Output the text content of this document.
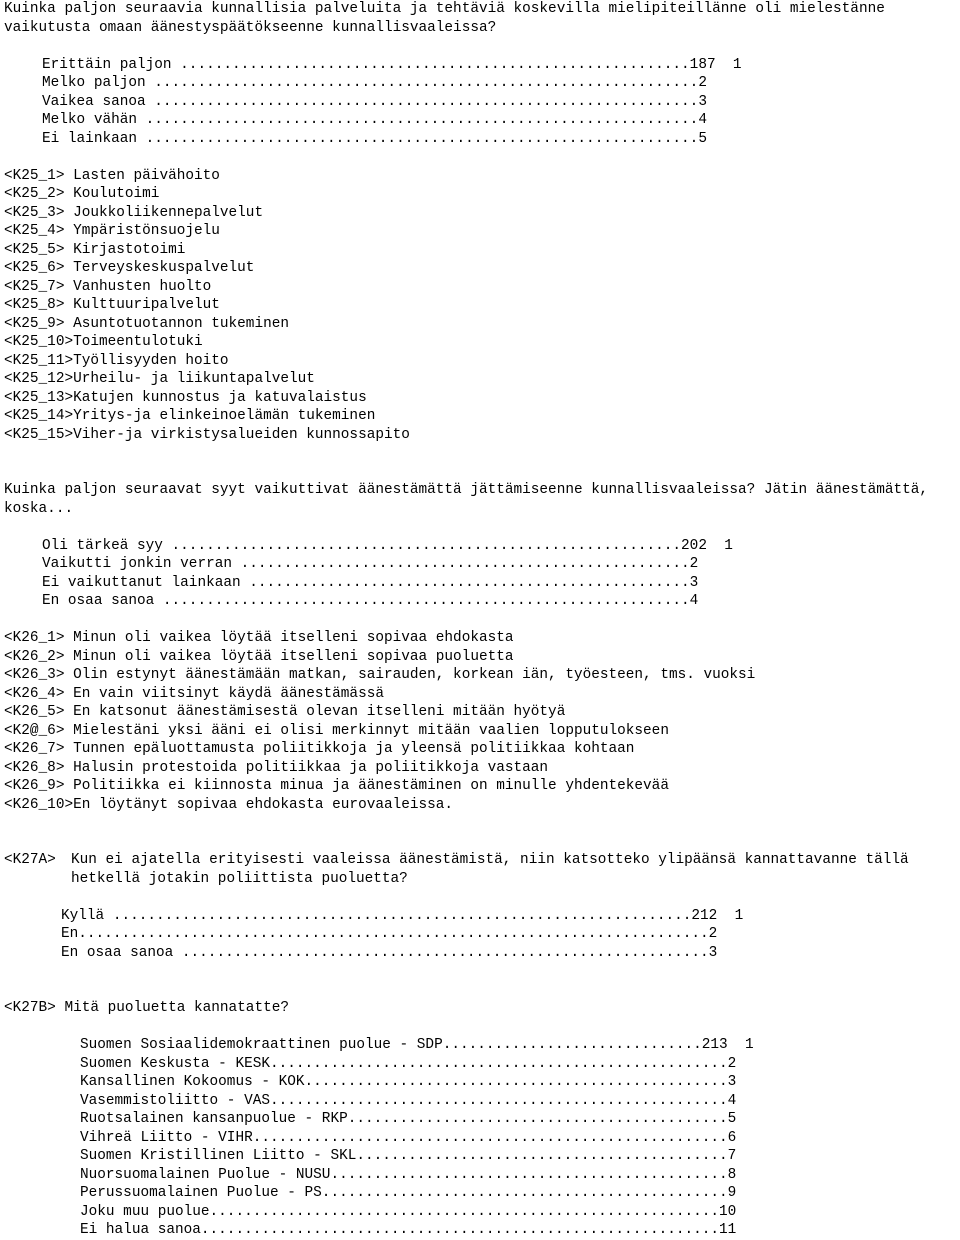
Kuinka paljon seuraavia kunnallisia palveluita ja tehtäviä koskevilla mielipiteillänne oli mielestänne vaikutusta omaan äänestyspäätökseenne kunnallisvaaleissa?
Erittäin paljon ...........................................................187  1
Melko paljon ...............................................................2
Vaikea sanoa ...............................................................3
Melko vähän ................................................................4
Ei lainkaan ................................................................5
<K25_1> Lasten päivähoito
<K25_2> Koulutoimi
<K25_3> Joukkoliikennepalvelut
<K25_4> Ympäristönsuojelu
<K25_5> Kirjastotoimi
<K25_6> Terveyskeskuspalvelut
<K25_7> Vanhusten huolto
<K25_8> Kulttuuripalvelut
<K25_9> Asuntotuotannon tukeminen
<K25_10>Toimeentulotuki
<K25_11>Työllisyyden hoito
<K25_12>Urheilu- ja liikuntapalvelut
<K25_13>Katujen kunnostus ja katuvalaistus
<K25_14>Yritys-ja elinkeinoelämän tukeminen
<K25_15>Viher-ja virkistysalueiden kunnossapito
Kuinka paljon seuraavat syyt vaikuttivat äänestämättä jättämiseenne kunnallisvaaleissa? Jätin äänestämättä, koska...
Oli tärkeä syy ...........................................................202  1
Vaikutti jonkin verran ....................................................2
Ei vaikuttanut lainkaan ...................................................3
En osaa sanoa .............................................................4
<K26_1> Minun oli vaikea löytää itselleni sopivaa ehdokasta
<K26_2> Minun oli vaikea löytää itselleni sopivaa puoluetta
<K26_3> Olin estynyt äänestämään matkan, sairauden, korkean iän, työesteen, tms. vuoksi
<K26_4> En vain viitsinyt käydä äänestämässä
<K26_5> En katsonut äänestämisestä olevan itselleni mitään hyötyä
<K2@_6> Mielestäni yksi ääni ei olisi merkinnyt mitään vaalien lopputulokseen
<K26_7> Tunnen epäluottamusta poliitikkoja ja yleensä politiikkaa kohtaan
<K26_8> Halusin protestoida politiikkaa ja poliitikkoja vastaan
<K26_9> Politiikka ei kiinnosta minua ja äänestäminen on minulle yhdentekevää
<K26_10>En löytänyt sopivaa ehdokasta eurovaaleissa.
<K27A>	Kun ei ajatella erityisesti vaaleissa äänestämistä, niin katsotteko ylipäänsä kannattavanne tällä hetkellä jotakin poliittista puoluetta?
Kyllä ...................................................................212  1
En.........................................................................2
En osaa sanoa .............................................................3
<K27B> Mitä puoluetta kannatatte?
Suomen Sosiaalidemokraattinen puolue - SDP..............................213  1
Suomen Keskusta - KESK.....................................................2
Kansallinen Kokoomus - KOK.................................................3
Vasemmistoliitto - VAS.....................................................4
Ruotsalainen kansanpuolue - RKP............................................5
Vihreä Liitto - VIHR.......................................................6
Suomen Kristillinen Liitto - SKL...........................................7
Nuorsuomalainen Puolue - NUSU..............................................8
Perussuomalainen Puolue - PS...............................................9
Joku muu puolue...........................................................10
Ei halua sanoa............................................................11
